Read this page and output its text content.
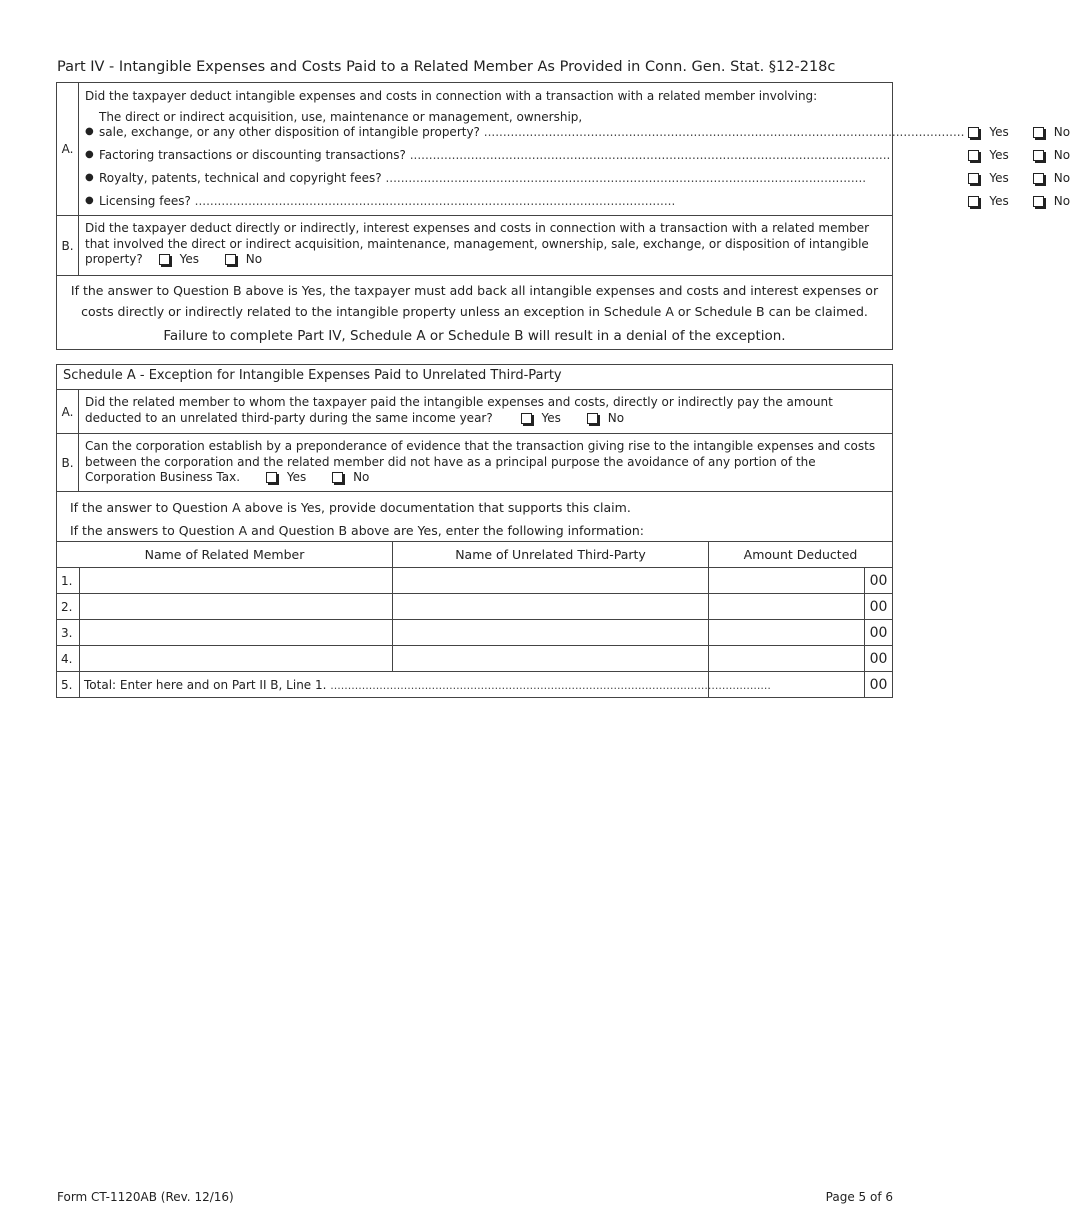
Part IV - Intangible Expenses and Costs Paid to a Related Member As Provided in Conn. Gen. Stat. §12-218c
A.
Did the taxpayer deduct intangible expenses and costs in connection with a transaction with a related member involving:
●
The direct or indirect acquisition, use, maintenance or management, ownership,
sale, exchange, or any other disposition of intangible property? .............................................................................................................................. Yes	No
● Factoring transactions or discounting transactions? ..............................................................................................................................	Yes	No
● Royalty, patents, technical and copyright fees? ..............................................................................................................................	Yes	No
● Licensing fees? ..............................................................................................................................	Yes	No
B.
Did the taxpayer deduct directly or indirectly, interest expenses and costs in connection with a transaction with a related member that involved the direct or indirect acquisition, maintenance, management, ownership, sale, exchange, or disposition of intangible property?	Yes	No
If the answer to Question B above is Yes, the taxpayer must add back all intangible expenses and costs and interest expenses or
costs directly or indirectly related to the intangible property unless an exception in Schedule A or Schedule B can be claimed.
Failure to complete Part IV, Schedule A or Schedule B will result in a denial of the exception.
Schedule A - Exception for Intangible Expenses Paid to Unrelated Third-Party
A.
Did the related member to whom the taxpayer paid the intangible expenses and costs, directly or indirectly pay the amount deducted to an unrelated third-party during the same income year?	Yes	No
B.
Can the corporation establish by a preponderance of evidence that the transaction giving rise to the intangible expenses and costs between the corporation and the related member did not have as a principal purpose the avoidance of any portion of the Corporation Business Tax.	Yes	No
If the answer to Question A above is Yes, provide documentation that supports this claim.
If the answers to Question A and Question B above are Yes, enter the following information:
Name of Related Member		Name of Unrelated Third-Party	Amount Deducted	
1.				00
2.				00
3.				00
4.				00
5.	Total: Enter here and on Part II B, Line 1. ..............................................................................................................................			00
Form CT-1120AB (Rev. 12/16)	Page 5 of 6
